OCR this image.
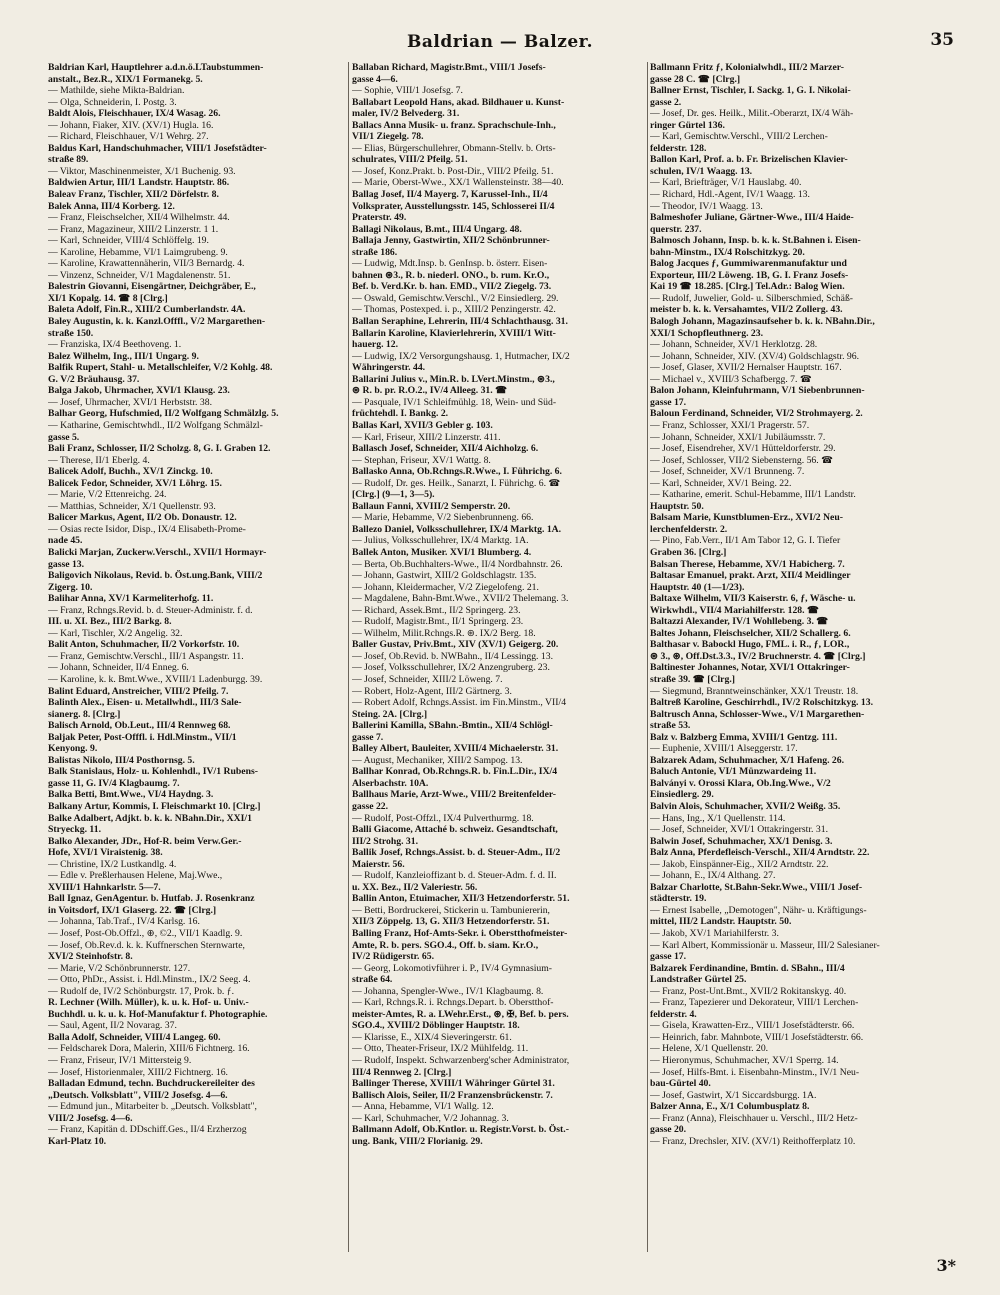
Baldrian — Balzer.	35
Baldrian Karl, Hauptlehrer a.d.n.ö.LTaubstummen-
anstalt., Bez.R., XIX/1 Formanekg. 5.
— Mathilde, siehe Mikta-Baldrian.
— Olga, Schneiderin, I. Postg. 3.
Baldt Alois, Fleischhauer, IX/4 Wasag. 26.
— Johann, Fiaker, XIV. (XV/1) Hugla. 16.
— Richard, Fleischhauer, V/1 Wehrg. 27.
Baldus Karl, Handschuhmacher, VIII/1 Josefstädter-
straße 89.
— Viktor, Maschinenmeister, X/1 Buchenig. 93.
Baldwien Artur, III/1 Landstr. Hauptstr. 86.
Baleav Franz, Tischler, XII/2 Dörfelstr. 8.
Balek Anna, III/4 Korberg. 12.
— Franz, Fleischselcher, XII/4 Wilhelmstr. 44.
— Franz, Magazineur, XIII/2 Linzerstr. 1 1.
— Karl, Schneider, VIII/4 Schlöffelg. 19.
— Karoline, Hebamme, VI/1 Laimgrubeng. 9.
— Karoline, Krawattennäherin, VII/3 Bernardg. 4.
— Vinzenz, Schneider, V/1 Magdalenenstr. 51.
Balestrin Giovanni, Eisengärtner, Deichgräber, E.,
XI/1 Kopalg. 14. ☎ 8 [Clrg.]
Baleta Adolf, Fin.R., XIII/2 Cumberlandstr. 4A.
Baley Augustin, k. k. Kanzl.Offfl., V/2 Margarethen-
straße 150.
— Franziska, IX/4 Beethoveng. 1.
Balez Wilhelm, Ing., III/1 Ungarg. 9.
Balfik Rupert, Stahl- u. Metallschleifer, V/2 Kohlg. 48.
G. V/2 Bräuhausg. 37.
Balga Jakob, Uhrmacher, XVI/1 Klausg. 23.
— Josef, Uhrmacher, XVI/1 Herbststr. 38.
Balhar Georg, Hufschmied, II/2 Wolfgang Schmälzlg. 5.
— Katharine, Gemischtwhdl., II/2 Wolfgang Schmälzl-
gasse 5.
Bali Franz, Schlosser, II/2 Scholzg. 8, G. I. Graben 12.
— Therese, II/1 Eberlg. 4.
Balicek Adolf, Buchh., XV/1 Zinckg. 10.
Balicek Fedor, Schneider, XV/1 Löhrg. 15.
— Marie, V/2 Ettenreichg. 24.
— Matthias, Schneider, X/1 Quellenstr. 93.
Balicer Markus, Agent, II/2 Ob. Donaustr. 12.
— Osias recte Isidor, Disp., IX/4 Elisabeth-Prome-
nade 45.
Balicki Marjan, Zuckerw.Verschl., XVII/1 Hormayr-
gasse 13.
Baligovich Nikolaus, Revid. b. Öst.ung.Bank, VIII/2
Zigerg. 10.
Balihar Anna, XV/1 Karmeliterhofg. 11.
— Franz, Rchngs.Revid. b. d. Steuer-Administr. f. d.
III. u. XI. Bez., III/2 Barkg. 8.
— Karl, Tischler, X/2 Angelig. 32.
Balit Anton, Schuhmacher, II/2 Vorkorfstr. 10.
— Franz, Gemischtw.Verschl., III/1 Aspangstr. 11.
— Johann, Schneider, II/4 Enneg. 6.
— Karoline, k. k. Bmt.Wwe., XVIII/1 Ladenburgg. 39.
Balint Eduard, Anstreicher, VIII/2 Pfeilg. 7.
Balinth Alex., Eisen- u. Metallwhdl., III/3 Sale-
sianerg. 8. [Clrg.]
Balisch Arnold, Ob.Leut., III/4 Rennweg 68.
Baljak Peter, Post-Offfl. i. Hdl.Minstm., VII/1
Kenyong. 9.
Balistas Nikolo, III/4 Posthornsg. 5.
Balk Stanislaus, Holz- u. Kohlenhdl., IV/1 Rubens-
gasse 11, G. IV/4 Klagbaumg. 7.
Balka Betti, Bmt.Wwe., VI/4 Haydng. 3.
Balkany Artur, Kommis, I. Fleischmarkt 10. [Clrg.]
Balke Adalbert, Adjkt. b. k. k. NBahn.Dir., XXI/1
Stryeckg. 11.
Balko Alexander, JDr., Hof-R. beim Verw.Ger.-
Hofe, XVI/1 Viraistenig. 38.
— Christine, IX/2 Lustkandlg. 4.
— Edle v. Preßlerhausen Helene, Maj.Wwe.,
XVIII/1 Hahnkarlstr. 5—7.
Ball Ignaz, GenAgentur. b. Hutfab. J. Rosenkranz
in Voitsdorf, IX/1 Glaserg. 22. ☎ [Clrg.]
— Johanna, Tab.Traf., IV/4 Karlsg. 16.
— Josef, Post-Ob.Offzl., ⊕, ©2., VII/1 Kaadlg. 9.
— Josef, Ob.Rev.d. k. k. Kuffnerschen Sternwarte,
XVI/2 Steinhofstr. 8.
— Marie, V/2 Schönbrunnerstr. 127.
— Otto, PhDr., Assist. i. Hdl.Minstm., IX/2 Seeg. 4.
— Rudolf de, IV/2 Schönburgstr. 17, Prok. b. ƒ.
R. Lechner (Wilh. Müller), k. u. k. Hof- u. Univ.-
Buchhdl. u. k. u. k. Hof-Manufaktur f. Photographie.
— Saul, Agent, II/2 Novarag. 37.
Balla Adolf, Schneider, VIII/4 Langeg. 60.
— Feldscharek Dora, Malerin, XIII/6 Fichtnerg. 16.
— Franz, Friseur, IV/1 Mittersteig 9.
— Josef, Historienmaler, XIII/2 Fichtnerg. 16.
Balladan Edmund, techn. Buchdruckereileiter des
„Deutsch. Volksblatt", VIII/2 Josefsg. 4—6.
— Edmund jun., Mitarbeiter b. „Deutsch. Volksblatt",
VIII/2 Josefsg. 4—6.
— Franz, Kapitän d. DDschiff.Ges., II/4 Erzherzog
Karl-Platz 10.
Ballaban Richard, Magistr.Bmt., VIII/1 Josefs-
gasse 4—6.
— Sophie, VIII/1 Josefsg. 7.
Ballabart Leopold Hans, akad. Bildhauer u. Kunst-
maler, IV/2 Belvederg. 31.
Ballacs Anna Musik- u. franz. Sprachschule-Inh.,
VII/1 Ziegelg. 78.
— Elias, Bürgerschullehrer, Obmann-Stellv. b. Orts-
schulrates, VIII/2 Pfeilg. 51.
— Josef, Konz.Prakt. b. Post-Dir., VIII/2 Pfeilg. 51.
— Marie, Oberst-Wwe., XX/1 Wallensteinstr. 38—40.
Ballag Josef, II/4 Mayerg. 7, Karussel-Inh., II/4
Volksprater, Ausstellungsstr. 145, Schlosserei II/4
Praterstr. 49.
Ballagi Nikolaus, B.mt., III/4 Ungarg. 48.
Ballaja Jenny, Gastwirtin, XII/2 Schönbrunner-
straße 186.
— Ludwig, Mdt.Insp. b. GenInsp. b. österr. Eisen-
bahnen ⊛3., R. b. niederl. ONO., b. rum. Kr.O.,
Bef. b. Verd.Kr. b. han. EMD., VII/2 Ziegelg. 73.
— Oswald, Gemischtw.Verschl., V/2 Einsiedlerg. 29.
— Thomas, Postexped. i. p., XIII/2 Penzingerstr. 42.
Ballan Seraphine, Lehrerin, III/4 Schlachthausg. 31.
Ballarin Karoline, Klavierlehrerin, XVIII/1 Witt-
hauerg. 12.
— Ludwig, IX/2 Versorgungshausg. 1, Hutmacher, IX/2
Währingerstr. 44.
Ballarini Julius v., Min.R. b. LVert.Minstm., ⊛3.,
⊛ R. b. pr. R.O.2., IV/4 Alleeg. 31. ☎
— Pasquale, IV/1 Schleifmühlg. 18, Wein- und Süd-
früchtehdl. I. Bankg. 2.
Ballas Karl, XVII/3 Gebler g. 103.
— Karl, Friseur, XIII/2 Linzerstr. 411.
Ballasch Josef, Schneider, XII/4 Aichholzg. 6.
— Stephan, Friseur, XV/1 Wattg. 8.
Ballasko Anna, Ob.Rchngs.R.Wwe., I. Führichg. 6.
— Rudolf, Dr. ges. Heilk., Sanarzt, I. Führichg. 6. ☎
[Clrg.] (9—1, 3—5).
Ballaun Fanni, XVIII/2 Semperstr. 20.
— Marie, Hebamme, V/2 Siebenbrunneng. 66.
Ballezo Daniel, Volksschullehrer, IX/4 Marktg. 1A.
— Julius, Volksschullehrer, IX/4 Marktg. 1A.
Ballek Anton, Musiker. XVI/1 Blumberg. 4.
— Berta, Ob.Buchhalters-Wwe., II/4 Nordbahnstr. 26.
— Johann, Gastwirt, XIII/2 Goldschlagstr. 135.
— Johann, Kleidermacher, V/2 Ziegelofeng. 21.
— Magdalene, Bahn-Bmt.Wwe., XVII/2 Thelemang. 3.
— Richard, Assek.Bmt., II/2 Springerg. 23.
— Rudolf, Magistr.Bmt., II/1 Springerg. 23.
— Wilhelm, Milit.Rchngs.R. ⊛. IX/2 Berg. 18.
Baller Gustav, Priv.Bmt., XIV (XV/1) Geigerg. 20.
— Josef, Ob.Revid. b. NWBahn., II/4 Lessingg. 13.
— Josef, Volksschullehrer, IX/2 Anzengruberg. 23.
— Josef, Schneider, XIII/2 Löweng. 7.
— Robert, Holz-Agent, III/2 Gärtnerg. 3.
— Robert Adolf, Rchngs.Assist. im Fin.Minstm., VII/4
Steing. 2A. [Clrg.]
Ballerini Kamilla, SBahn.-Bmtin., XII/4 Schlögl-
gasse 7.
Balley Albert, Bauleiter, XVIII/4 Michaelerstr. 31.
— August, Mechaniker, XIII/2 Sampog. 13.
Ballhar Konrad, Ob.Rchngs.R. b. Fin.L.Dir., IX/4
Alserbachstr. 10A.
Ballhaus Marie, Arzt-Wwe., VIII/2 Breitenfelder-
gasse 22.
— Rudolf, Post-Offzl., IX/4 Pulverthurmg. 18.
Balli Giacome, Attaché b. schweiz. Gesandtschaft,
III/2 Strohg. 31.
Ballik Josef, Rchngs.Assist. b. d. Steuer-Adm., II/2
Maierstr. 56.
— Rudolf, Kanzleioffizant b. d. Steuer-Adm. f. d. II.
u. XX. Bez., II/2 Valeriestr. 56.
Ballin Anton, Etuimacher, XII/3 Hetzendorferstr. 51.
— Betti, Bordruckerei, Stickerin u. Tambuniererin,
XII/3 Zöppelg. 13, G. XII/3 Hetzendorferstr. 51.
Balling Franz, Hof-Amts-Sekr. i. Oberstthofmeister-
Amte, R. b. pers. SGO.4., Off. b. siam. Kr.O.,
IV/2 Rüdigerstr. 65.
— Georg, Lokomotivführer i. P., IV/4 Gymnasium-
straße 64.
— Johanna, Spengler-Wwe., IV/1 Klagbaumg. 8.
— Karl, Rchngs.R. i. Rchngs.Depart. b. Oberstthof-
meister-Amtes, R. a. LWehr.Erst., ⊛, ✠, Bef. b. pers.
SGO.4., XVIII/2 Döblinger Hauptstr. 18.
— Klarisse, E., XIX/4 Sieveringerstr. 61.
— Otto, Theater-Friseur, IX/2 Mühlfeldg. 11.
— Rudolf, Inspekt. Schwarzenberg'scher Administrator,
III/4 Rennweg 2. [Clrg.]
Ballinger Therese, XVIII/1 Währinger Gürtel 31.
Ballisch Alois, Seiler, II/2 Franzensbrückenstr. 7.
— Anna, Hebamme, VI/1 Wallg. 12.
— Karl, Schuhmacher, V/2 Johannag. 3.
Ballmann Adolf, Ob.Kntlor. u. Registr.Vorst. b. Öst.-
ung. Bank, VIII/2 Florianig. 29.
Ballmann Fritz ƒ, Kolonialwhdl., III/2 Marzer-
gasse 28 C. ☎ [Clrg.]
Ballner Ernst, Tischler, I. Sackg. 1, G. I. Nikolai-
gasse 2.
— Josef, Dr. ges. Heilk., Milit.-Oberarzt, IX/4 Wäh-
ringer Gürtel 136.
— Karl, Gemischtw.Verschl., VIII/2 Lerchen-
felderstr. 128.
Ballon Karl, Prof. a. b. Fr. Brizelischen Klavier-
schulen, IV/1 Waagg. 13.
— Karl, Briefträger, V/1 Hauslabg. 40.
— Richard, Hdl.-Agent, IV/1 Waagg. 13.
— Theodor, IV/1 Waagg. 13.
Balmeshofer Juliane, Gärtner-Wwe., III/4 Haide-
querstr. 237.
Balmosch Johann, Insp. b. k. k. St.Bahnen i. Eisen-
bahn-Minstm., IX/4 Rolschitzkyg. 20.
Balog Jacques ƒ, Gummiwarenmanufaktur und
Exporteur, III/2 Löweng. 1B, G. I. Franz Josefs-
Kai 19 ☎ 18.285. [Clrg.] Tel.Adr.: Balog Wien.
— Rudolf, Juwelier, Gold- u. Silberschmied, Schäß-
meister b. k. k. Versahamtes, VII/2 Zollerg. 43.
Balogh Johann, Magazinsaufseher b. k. k. NBahn.Dir.,
XXI/1 Schopfleuthnerg. 23.
— Johann, Schneider, XV/1 Herklotzg. 28.
— Johann, Schneider, XIV. (XV/4) Goldschlagstr. 96.
— Josef, Glaser, XVII/2 Hernalser Hauptstr. 167.
— Michael v., XVIII/3 Schafbergg. 7. ☎
Balon Johann, Kleinfuhrmann, V/1 Siebenbrunnen-
gasse 17.
Baloun Ferdinand, Schneider, VI/2 Strohmayerg. 2.
— Franz, Schlosser, XXI/1 Pragerstr. 57.
— Johann, Schneider, XXI/1 Jubiläumsstr. 7.
— Josef, Eisendreher, XV/1 Hütteldorferstr. 29.
— Josef, Schlosser, VII/2 Siebensterng. 56. ☎
— Josef, Schneider, XV/1 Brunneng. 7.
— Karl, Schneider, XV/1 Being. 22.
— Katharine, emerit. Schul-Hebamme, III/1 Landstr.
Hauptstr. 50.
Balsam Marie, Kunstblumen-Erz., XVI/2 Neu-
lerchenfelderstr. 2.
— Pino, Fab.Verr., II/1 Am Tabor 12, G. I. Tiefer
Graben 36. [Clrg.]
Balsan Therese, Hebamme, XV/1 Habicherg. 7.
Baltasar Emanuel, prakt. Arzt, XII/4 Meidlinger
Hauptstr. 40 (1—1/23).
Baltaxe Wilhelm, VII/3 Kaiserstr. 6, ƒ, Wäsche- u.
Wirkwhdl., VII/4 Mariahilferstr. 128. ☎
Baltazzi Alexander, IV/1 Wohllebeng. 3. ☎
Baltes Johann, Fleischselcher, XII/2 Schallerg. 6.
Balthasar v. Babockl Hugo, FML. i. R., ƒ, LOR.,
⊛ 3., ⊛, Off.Dst.3.3., IV/2 Bruchnerstr. 4. ☎ [Clrg.]
Baltinester Johannes, Notar, XVI/1 Ottakringer-
straße 39. ☎ [Clrg.]
— Siegmund, Branntweinschänker, XX/1 Treustr. 18.
Baltreß Karoline, Geschirrhdl., IV/2 Rolschitzkyg. 13.
Baltrusch Anna, Schlosser-Wwe., V/1 Margarethen-
straße 53.
Balz v. Balzberg Emma, XVIII/1 Gentzg. 111.
— Euphenie, XVIII/1 Alseggerstr. 17.
Balzarek Adam, Schuhmacher, X/1 Hafeng. 26.
Baluch Antonie, VI/1 Münzwardeing 11.
Balványi v. Orossi Klara, Ob.Ing.Wwe., V/2
Einsiedlerg. 29.
Balvin Alois, Schuhmacher, XVII/2 Weißg. 35.
— Hans, Ing., X/1 Quellenstr. 114.
— Josef, Schneider, XVI/1 Ottakringerstr. 31.
Balwin Josef, Schuhmacher, XX/1 Denisg. 3.
Balz Anna, Pferdefleisch-Verschl., XII/4 Arndtstr. 22.
— Jakob, Einspänner-Eig., XII/2 Arndtstr. 22.
— Johann, E., IX/4 Althang. 27.
Balzar Charlotte, St.Bahn-Sekr.Wwe., VIII/1 Josef-
städterstr. 19.
— Ernest Isabelle, „Demotogen", Nähr- u. Kräftigungs-
mittel, III/2 Landstr. Hauptstr. 50.
— Jakob, XV/1 Mariahilferstr. 3.
— Karl Albert, Kommissionär u. Masseur, III/2 Salesianer-
gasse 17.
Balzarek Ferdinandine, Bmtin. d. SBahn., III/4
Landstraßer Gürtel 25.
— Franz, Post-Unt.Bmt., XVII/2 Rokitanskyg. 40.
— Franz, Tapezierer und Dekorateur, VIII/1 Lerchen-
felderstr. 4.
— Gisela, Krawatten-Erz., VIII/1 Josefstädterstr. 66.
— Heinrich, fabr. Mahnbote, VIII/1 Josefstädterstr. 66.
— Helene, X/1 Quellenstr. 20.
— Hieronymus, Schuhmacher, XV/1 Sperrg. 14.
— Josef, Hilfs-Bmt. i. Eisenbahn-Minstm., IV/1 Neu-
bau-Gürtel 40.
— Josef, Gastwirt, X/1 Siccardsburgg. 1A.
Balzer Anna, E., X/1 Columbusplatz 8.
— Franz (Anna), Fleischhauer u. Verschl., III/2 Hetz-
gasse 20.
— Franz, Drechsler, XIV. (XV/1) Reithofferplatz 10.
3*
